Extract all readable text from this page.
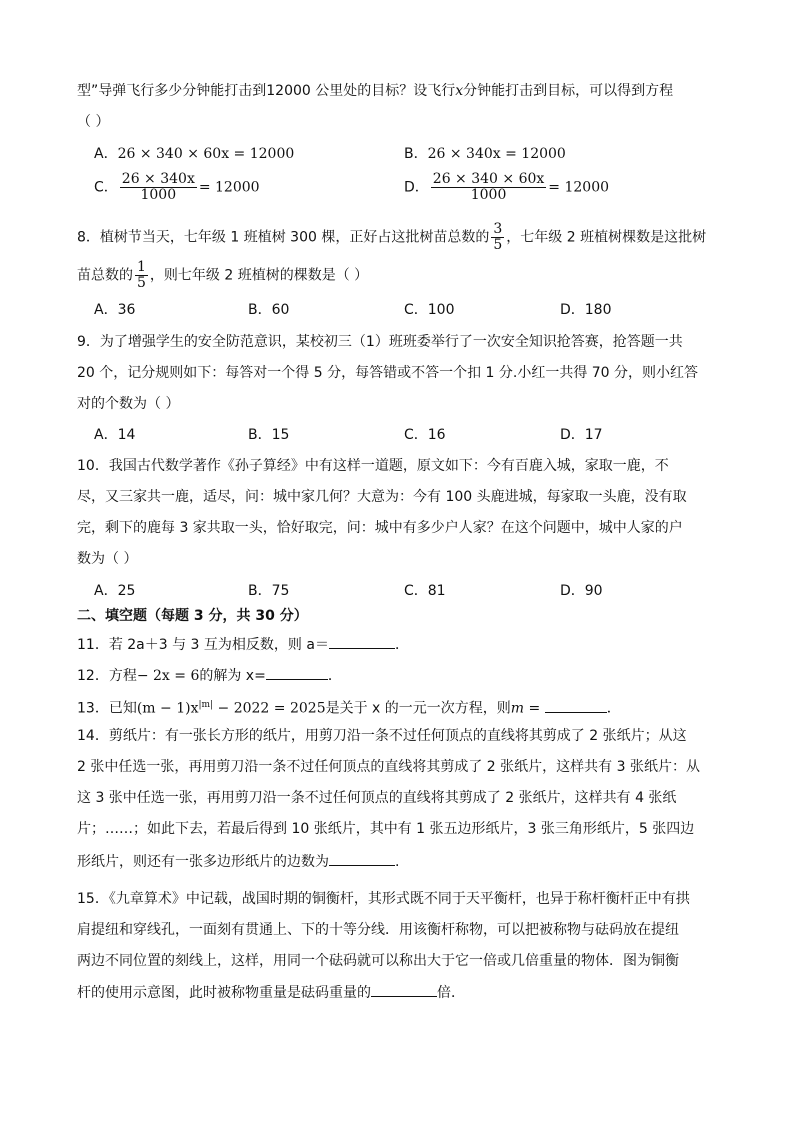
型”导弹飞行多少分钟能打击到12000 公里处的目标？设飞行x分钟能打击到目标，可以得到方程
（ ）
A．26 × 340 × 60x = 12000	B．26 × 340x = 12000
C． $\frac{26 \times 340x}{1000} = 12000$	D． $\frac{26 \times 340 \times 60x}{1000} = 12000$
8．植树节当天，七年级 1 班植树 300 棵，正好占这批树苗总数的 $\frac{3}{5}$ ，七年级 2 班植树棵数是这批树
苗总数的 $\frac{1}{5}$ ，则七年级 2 班植树的棵数是（ ）
A．36	B．60	C．100	D．180
9．为了增强学生的安全防范意识，某校初三（1）班班委举行了一次安全知识抢答赛，抢答题一共
20 个，记分规则如下：每答对一个得 5 分，每答错或不答一个扣 1 分.小红一共得 70 分，则小红答
对的个数为（ ）
A．14	B．15	C．16	D．17
10．我国古代数学著作《孙子算经》中有这样一道题，原文如下：今有百鹿入城，家取一鹿，不
尽，又三家共一鹿，适尽，问：城中家几何？大意为：今有 100 头鹿进城，每家取一头鹿，没有取
完，剩下的鹿每 3 家共取一头，恰好取完，问：城中有多少户人家？在这个问题中，城中人家的户
数为（ ）
A．25	B．75	C．81	D．90
二、填空题（每题 3 分，共 30 分）
11．若 2a＋3 与 3 互为相反数，则 a＝	．
12．方程− 2x = 6的解为 x=	．
13．已知$(m - 1)x^{|m|} - 2022 = 2025$是关于 x 的一元一次方程，则m =	．
14．剪纸片：有一张长方形的纸片，用剪刀沿一条不过任何顶点的直线将其剪成了 2 张纸片；从这
2 张中任选一张，再用剪刀沿一条不过任何顶点的直线将其剪成了 2 张纸片，这样共有 3 张纸片：从
这 3 张中任选一张，再用剪刀沿一条不过任何顶点的直线将其剪成了 2 张纸片，这样共有 4 张纸
片；……；如此下去，若最后得到 10 张纸片，其中有 1 张五边形纸片，3 张三角形纸片，5 张四边
形纸片，则还有一张多边形纸片的边数为	.
15．《九章算术》中记载，战国时期的铜衡杆，其形式既不同于天平衡杆，也异于称杆衡杆正中有拱
肩提纽和穿线孔，一面刻有贯通上、下的十等分线．用该衡杆称物，可以把被称物与砝码放在提纽
两边不同位置的刻线上，这样，用同一个砝码就可以称出大于它一倍或几倍重量的物体．图为铜衡
杆的使用示意图，此时被称物重量是砝码重量的	倍．
